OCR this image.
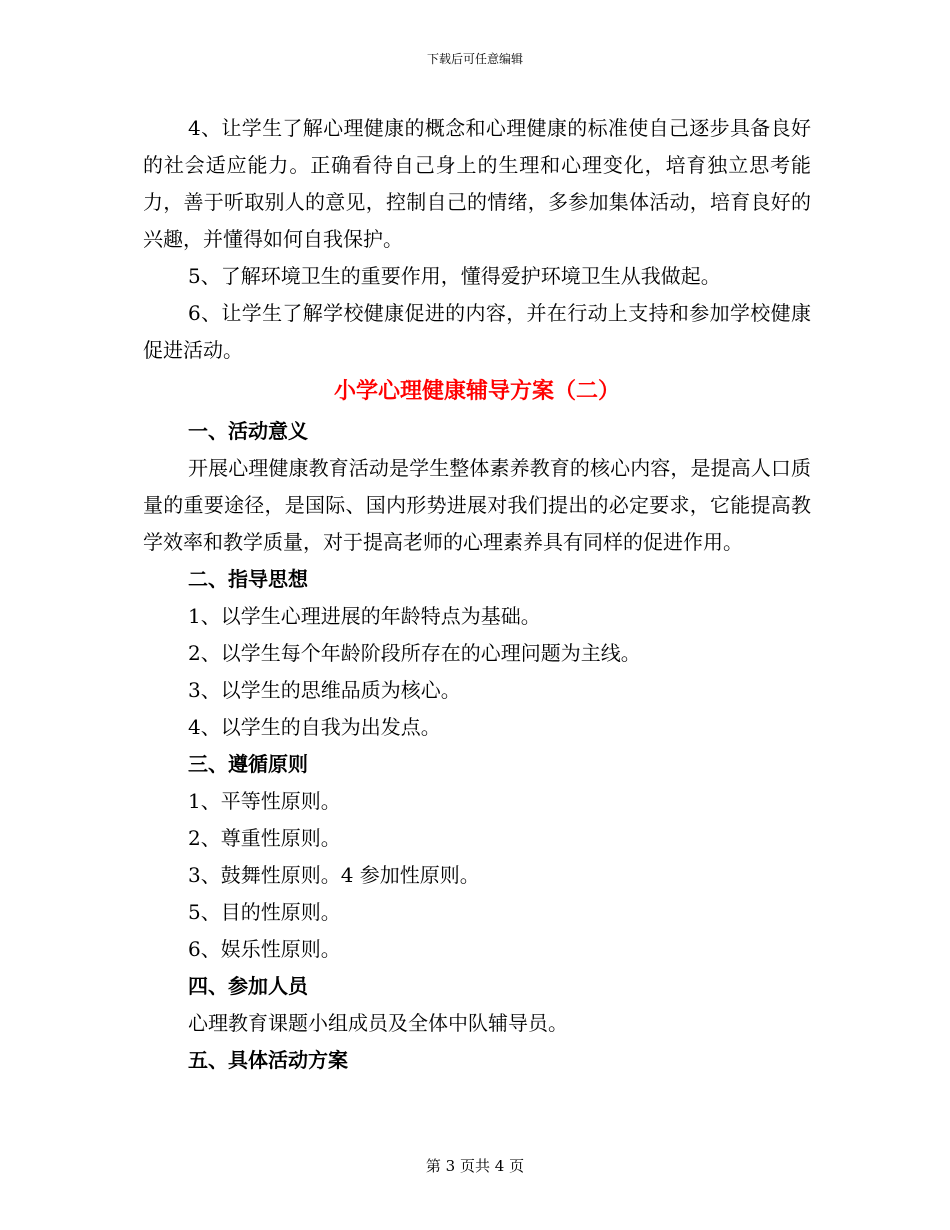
下载后可任意编辑

4、让学生了解心理健康的概念和心理健康的标准使自己逐步具备良好的社会适应能力。正确看待自己身上的生理和心理变化，培育独立思考能力，善于听取别人的意见，控制自己的情绪，多参加集体活动，培育良好的兴趣，并懂得如何自我保护。

5、了解环境卫生的重要作用，懂得爱护环境卫生从我做起。

6、让学生了解学校健康促进的内容，并在行动上支持和参加学校健康促进活动。

小学心理健康辅导方案（二）

一、活动意义

开展心理健康教育活动是学生整体素养教育的核心内容，是提高人口质量的重要途径，是国际、国内形势进展对我们提出的必定要求，它能提高教学效率和教学质量，对于提高老师的心理素养具有同样的促进作用。

二、指导思想

1、以学生心理进展的年龄特点为基础。

2、以学生每个年龄阶段所存在的心理问题为主线。

3、以学生的思维品质为核心。

4、以学生的自我为出发点。

三、遵循原则

1、平等性原则。

2、尊重性原则。

3、鼓舞性原则。4 参加性原则。

5、目的性原则。

6、娱乐性原则。

四、参加人员

心理教育课题小组成员及全体中队辅导员。

五、具体活动方案

第 3 页共 4 页
